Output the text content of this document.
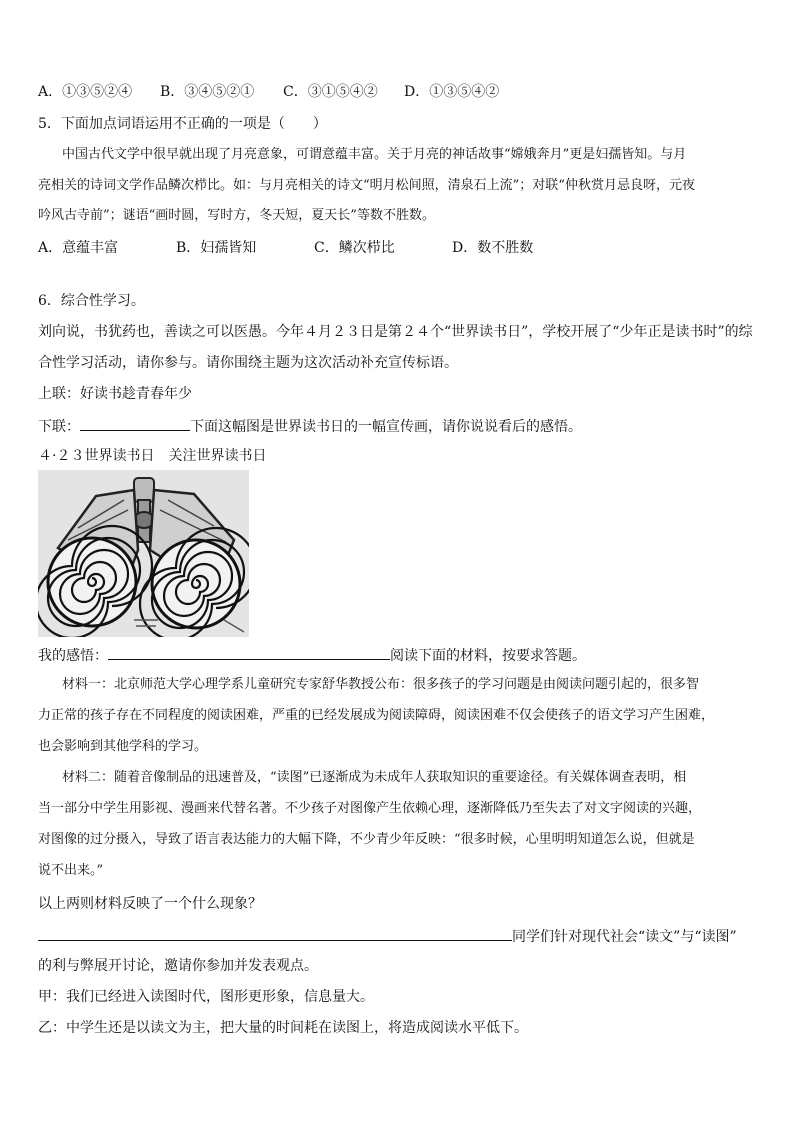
A．①③⑤②④ B．③④⑤②① C．③①⑤④② D．①③⑤④②
5．下面加点词语运用不正确的一项是（　　）
中国古代文学中很早就出现了月亮意象，可谓意蕴丰富。关于月亮的神话故事“嫦娥奔月”更是妇孺皆知。与月
亮相关的诗词文学作品鳞次栉比。如：与月亮相关的诗文“明月松间照，清泉石上流”；对联“仲秋赏月忌良呀，元夜
吟风古寺前”；谜语“画时圆，写时方，冬天短，夏天长”等数不胜数。
A．意蕴丰富	B．妇孺皆知	C．鳞次栉比	D．数不胜数
6．综合性学习。
刘向说，书犹药也，善读之可以医愚。今年４月２３日是第２４个“世界读书日”，学校开展了“少年正是读书时”的综
合性学习活动，请你参与。请你围绕主题为这次活动补充宣传标语。
上联：好读书趁青春年少
下联：	下面这幅图是世界读书日的一幅宣传画，请你说说看后的感悟。
４·２３世界读书日　关注世界读书日
我的感悟：	阅读下面的材料，按要求答题。
材料一：北京师范大学心理学系儿童研究专家舒华教授公布：很多孩子的学习问题是由阅读问题引起的，很多智
力正常的孩子存在不同程度的阅读困难，严重的已经发展成为阅读障碍，阅读困难不仅会使孩子的语文学习产生困难，
也会影响到其他学科的学习。
材料二：随着音像制品的迅速普及，“读图”已逐渐成为未成年人获取知识的重要途径。有关媒体调查表明，相
当一部分中学生用影视、漫画来代替名著。不少孩子对图像产生依赖心理，逐渐降低乃至失去了对文字阅读的兴趣，
对图像的过分摄入，导致了语言表达能力的大幅下降，不少青少年反映：“很多时候，心里明明知道怎么说，但就是
说不出来。”
以上两则材料反映了一个什么现象？
同学们针对现代社会“读文”与“读图”
的利与弊展开讨论，邀请你参加并发表观点。
甲：我们已经进入读图时代，图形更形象，信息量大。
乙：中学生还是以读文为主，把大量的时间耗在读图上，将造成阅读水平低下。
